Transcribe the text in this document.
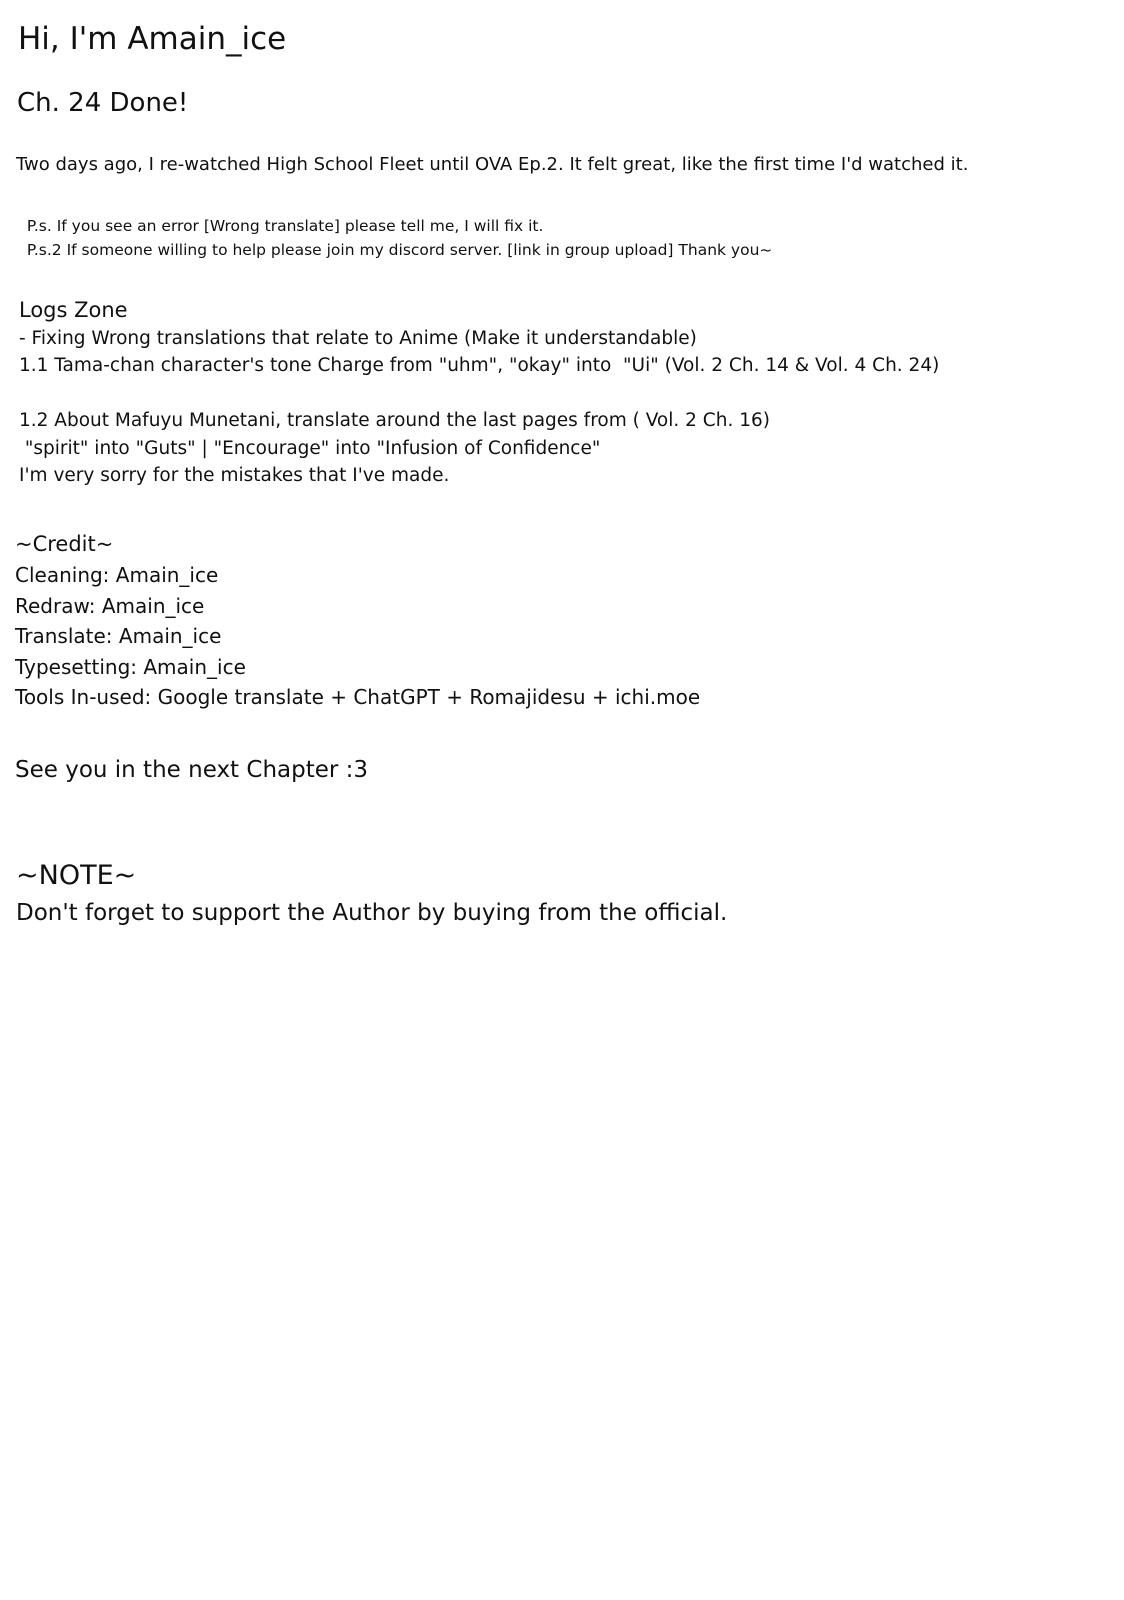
Hi, I'm Amain_ice
Ch. 24 Done!
Two days ago, I re-watched High School Fleet until OVA Ep.2. It felt great, like the first time I'd watched it.
P.s. If you see an error [Wrong translate] please tell me, I will fix it.
P.s.2 If someone willing to help please join my discord server. [link in group upload] Thank you~
Logs Zone
- Fixing Wrong translations that relate to Anime (Make it understandable)
1.1 Tama-chan character's tone Charge from "uhm", "okay" into  "Ui" (Vol. 2 Ch. 14 & Vol. 4 Ch. 24)
1.2 About Mafuyu Munetani, translate around the last pages from ( Vol. 2 Ch. 16)
"spirit" into "Guts" | "Encourage" into "Infusion of Confidence"
I'm very sorry for the mistakes that I've made.
~Credit~
Cleaning: Amain_ice
Redraw: Amain_ice
Translate: Amain_ice
Typesetting: Amain_ice
Tools In-used: Google translate + ChatGPT + Romajidesu + ichi.moe
See you in the next Chapter :3
~NOTE~
Don't forget to support the Author by buying from the official.
